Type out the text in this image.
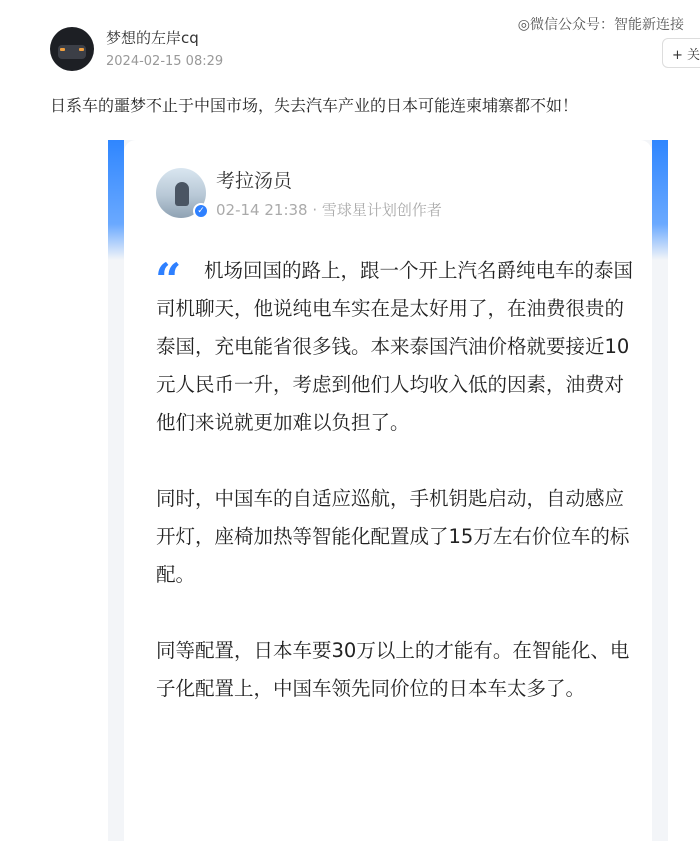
◎微信公众号：智能新连接
梦想的左岸cq
2024-02-15 08:29	+ 关
日系车的噩梦不止于中国市场，失去汽车产业的日本可能连柬埔寨都不如！
✓
考拉汤员
02-14 21:38 · 雪球星计划创作者
“	机场回国的路上，跟一个开上汽名爵纯电车的泰国司机聊天，他说纯电车实在是太好用了，在油费很贵的泰国，充电能省很多钱。本来泰国汽油价格就要接近10元人民币一升，考虑到他们人均收入低的因素，油费对他们来说就更加难以负担了。
同时，中国车的自适应巡航，手机钥匙启动，自动感应开灯，座椅加热等智能化配置成了15万左右价位车的标配。
同等配置，日本车要30万以上的才能有。在智能化、电子化配置上，中国车领先同价位的日本车太多了。
